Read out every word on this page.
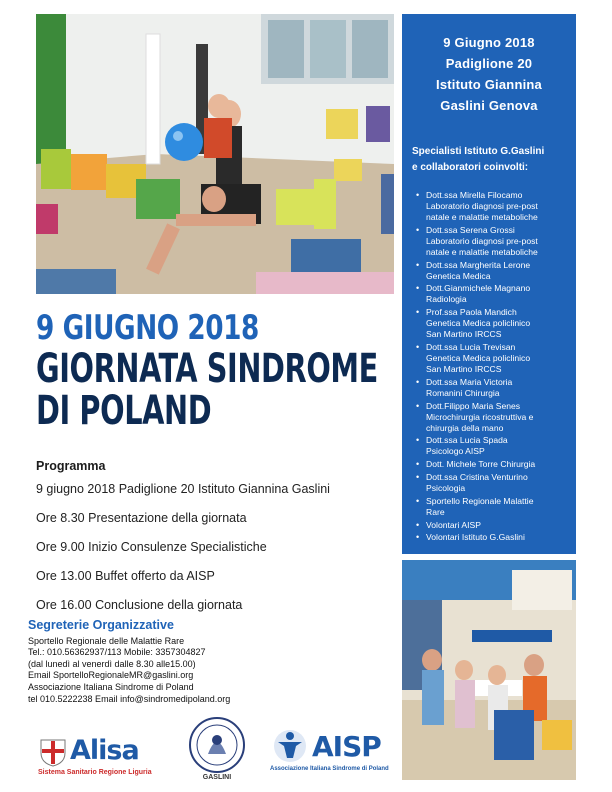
9 Giugno 2018
Padiglione 20
Istituto Giannina
Gaslini Genova
Specialisti Istituto G.Gaslini
e collaboratori coinvolti:
• Dott.ssa Mirella Filocamo
Laboratorio diagnosi pre-post
natale e malattie metaboliche
• Dott.ssa Serena Grossi
Laboratorio diagnosi pre-post
natale e malattie metaboliche
• Dott.ssa Margherita Lerone
Genetica Medica
• Dott.Gianmichele Magnano
Radiologia
• Prof.ssa Paola Mandich
Genetica Medica policlinico
San Martino IRCCS
• Dott.ssa Lucia Trevisan
Genetica Medica policlinico
San Martino IRCCS
• Dott.ssa Maria Victoria
Romanini Chirurgia
• Dott.Filippo Maria Senes
Microchirurgia ricostruttiva e
chirurgia della mano
• Dott.ssa Lucia Spada
Psicologo AISP
• Dott. Michele Torre Chirurgia
• Dott.ssa Cristina Venturino
Psicologia
• Sportello Regionale Malattie
Rare
• Volontari AISP
• Volontari Istituto G.Gaslini
9 GIUGNO 2018
GIORNATA SINDROME
DI POLAND
Programma
9 giugno 2018 Padiglione 20 Istituto Giannina Gaslini
Ore 8.30 Presentazione della giornata
Ore 9.00 Inizio Consulenze Specialistiche
Ore 13.00 Buffet offerto da AISP
Ore 16.00 Conclusione della giornata
Segreterie Organizzative
Sportello Regionale delle Malattie Rare
Tel.: 010.56362937/113 Mobile: 3357304827
(dal lunedì al venerdì dalle 8.30 alle15.00)
Email SportelloRegionaleMR@gaslini.org
Associazione Italiana Sindrome di Poland
tel 010.5222238 Email info@sindromedipoland.org
Alisa
Sistema Sanitario Regione Liguria
GASLINI
AISP
Associazione Italiana Sindrome di Poland
